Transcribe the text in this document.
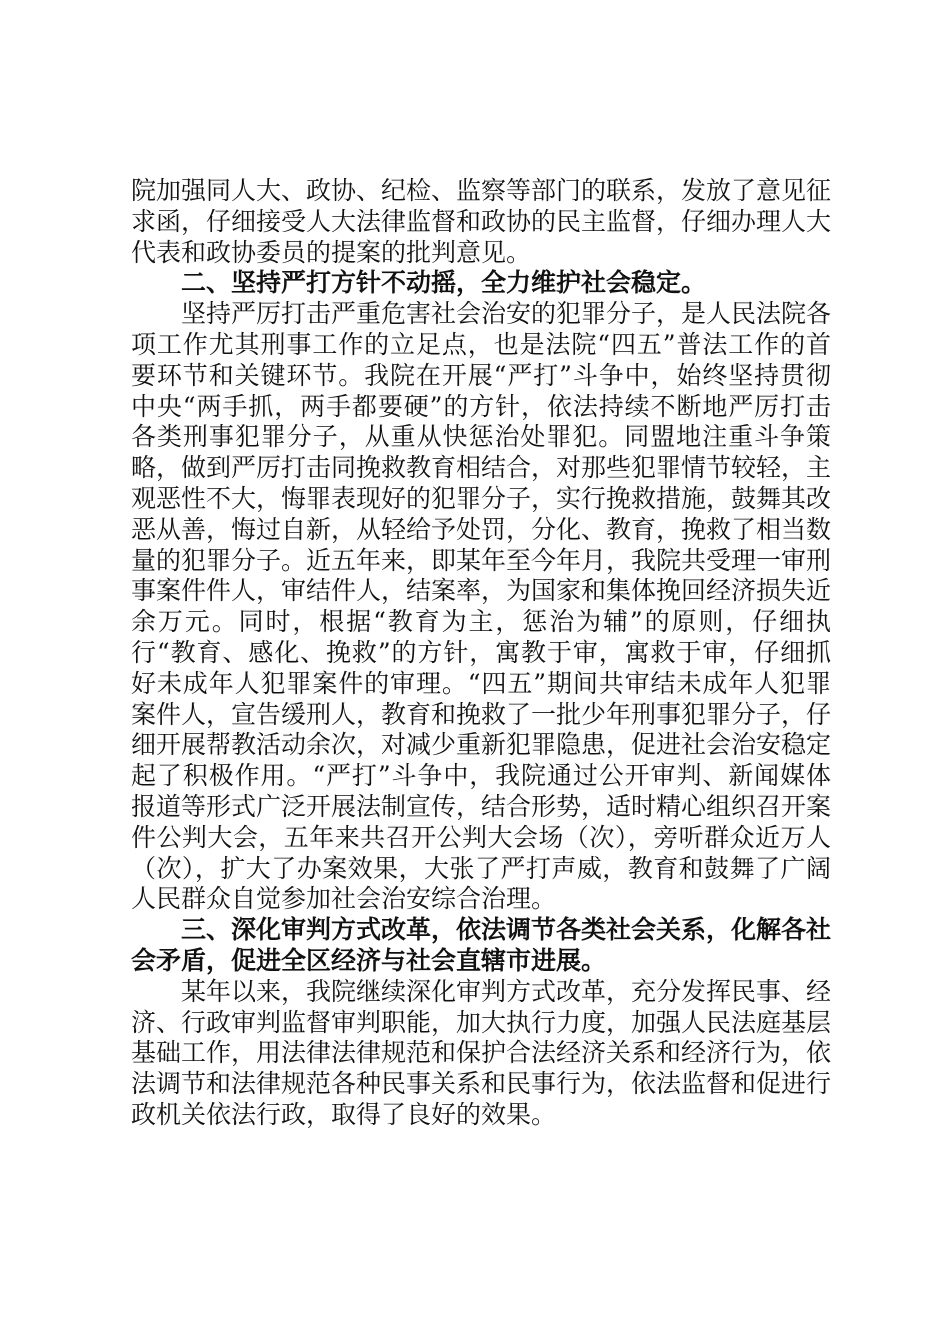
院加强同人大、政协、纪检、监察等部门的联系，发放了意见征求函，仔细接受人大法律监督和政协的民主监督，仔细办理人大代表和政协委员的提案的批判意见。

二、坚持严打方针不动摇，全力维护社会稳定。

坚持严厉打击严重危害社会治安的犯罪分子，是人民法院各项工作尤其刑事工作的立足点，也是法院“四五”普法工作的首要环节和关键环节。我院在开展“严打”斗争中，始终坚持贯彻中央“两手抓，两手都要硬”的方针，依法持续不断地严厉打击各类刑事犯罪分子，从重从快惩治处罪犯。同盟地注重斗争策略，做到严厉打击同挽救教育相结合，对那些犯罪情节较轻，主观恶性不大，悔罪表现好的犯罪分子，实行挽救措施，鼓舞其改恶从善，悔过自新，从轻给予处罚，分化、教育，挽救了相当数量的犯罪分子。近五年来，即某年至今年月，我院共受理一审刑事案件件人，审结件人，结案率，为国家和集体挽回经济损失近余万元。同时，根据“教育为主，惩治为辅”的原则，仔细执行“教育、感化、挽救”的方针，寓教于审，寓救于审，仔细抓好未成年人犯罪案件的审理。“四五”期间共审结未成年人犯罪案件人，宣告缓刑人，教育和挽救了一批少年刑事犯罪分子，仔细开展帮教活动余次，对减少重新犯罪隐患，促进社会治安稳定起了积极作用。“严打”斗争中，我院通过公开审判、新闻媒体报道等形式广泛开展法制宣传，结合形势，适时精心组织召开案件公判大会，五年来共召开公判大会场（次），旁听群众近万人（次），扩大了办案效果，大张了严打声威，教育和鼓舞了广阔人民群众自觉参加社会治安综合治理。

三、深化审判方式改革，依法调节各类社会关系，化解各社会矛盾，促进全区经济与社会直辖市进展。

某年以来，我院继续深化审判方式改革，充分发挥民事、经济、行政审判监督审判职能，加大执行力度，加强人民法庭基层基础工作，用法律法律规范和保护合法经济关系和经济行为，依法调节和法律规范各种民事关系和民事行为，依法监督和促进行政机关依法行政，取得了良好的效果。
